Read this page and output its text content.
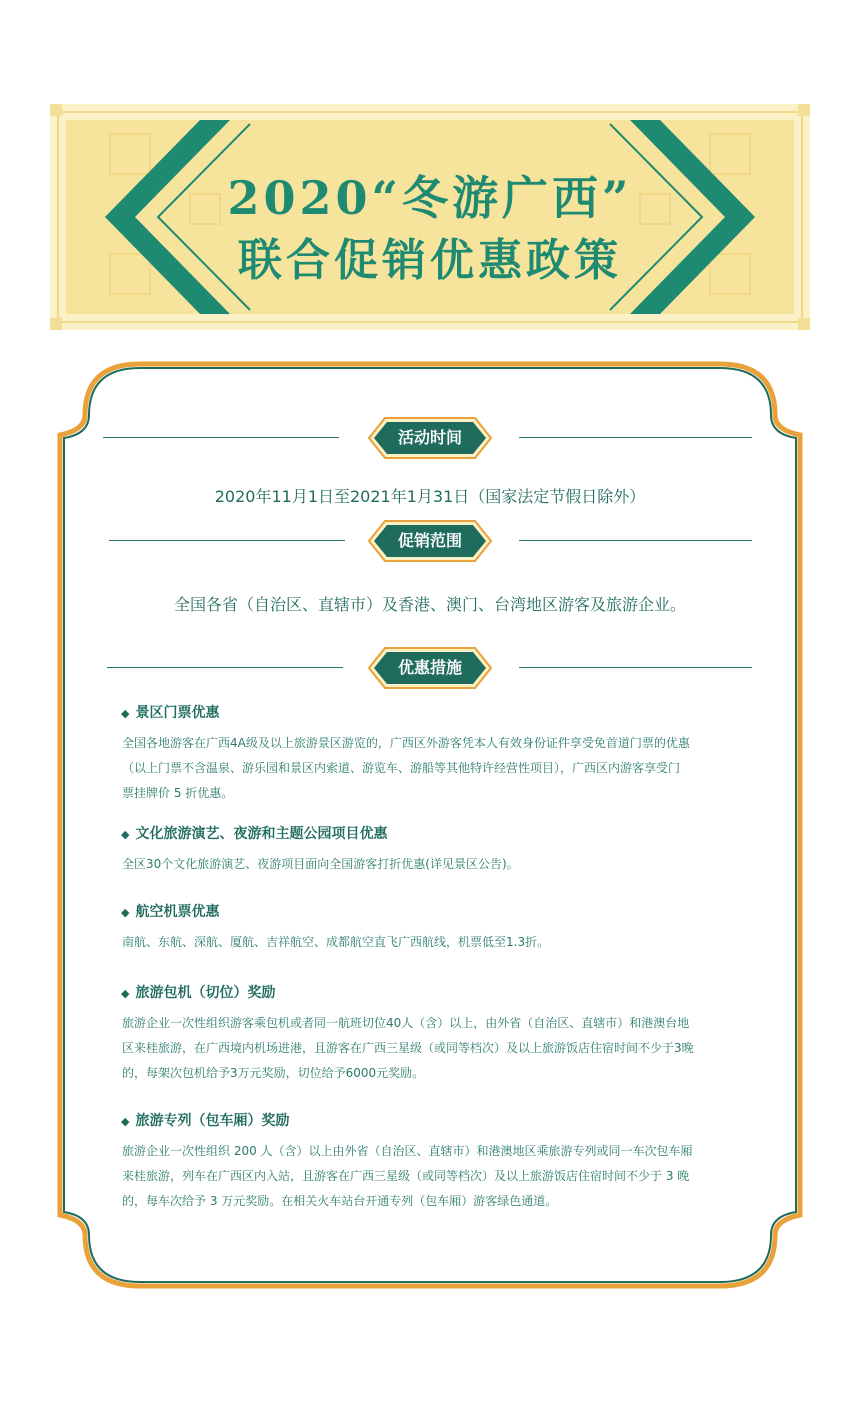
2020“冬游广西”
联合促销优惠政策
活动时间
2020年11月1日至2021年1月31日（国家法定节假日除外）
促销范围
全国各省（自治区、直辖市）及香港、澳门、台湾地区游客及旅游企业。
优惠措施
◆ 景区门票优惠
全国各地游客在广西4A级及以上旅游景区游览的，广西区外游客凭本人有效身份证件享受免首道门票的优惠
（以上门票不含温泉、游乐园和景区内索道、游览车、游船等其他特许经营性项目），广西区内游客享受门
票挂牌价 5 折优惠。
◆ 文化旅游演艺、夜游和主题公园项目优惠
全区30个文化旅游演艺、夜游项目面向全国游客打折优惠(详见景区公告)。
◆ 航空机票优惠
南航、东航、深航、厦航、吉祥航空、成都航空直飞广西航线，机票低至1.3折。
◆ 旅游包机（切位）奖励
旅游企业一次性组织游客乘包机或者同一航班切位40人（含）以上，由外省（自治区、直辖市）和港澳台地
区来桂旅游，在广西境内机场进港，且游客在广西三星级（或同等档次）及以上旅游饭店住宿时间不少于3晚
的，每架次包机给予3万元奖励，切位给予6000元奖励。
◆ 旅游专列（包车厢）奖励
旅游企业一次性组织 200 人（含）以上由外省（自治区、直辖市）和港澳地区乘旅游专列或同一车次包车厢
来桂旅游，列车在广西区内入站，且游客在广西三星级（或同等档次）及以上旅游饭店住宿时间不少于 3 晚
的，每车次给予 3 万元奖励。在相关火车站台开通专列（包车厢）游客绿色通道。
